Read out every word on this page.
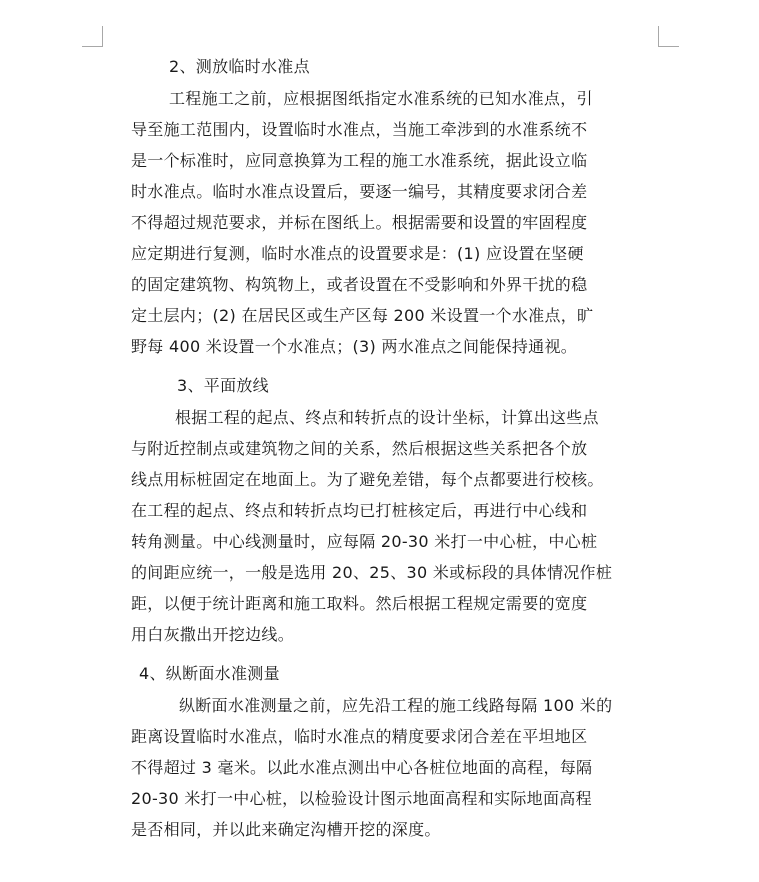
2、测放临时水准点
工程施工之前，应根据图纸指定水准系统的已知水准点，引
导至施工范围内，设置临时水准点，当施工牵涉到的水准系统不
是一个标准时，应同意换算为工程的施工水准系统，据此设立临
时水准点。临时水准点设置后，要逐一编号，其精度要求闭合差
不得超过规范要求，并标在图纸上。根据需要和设置的牢固程度
应定期进行复测，临时水准点的设置要求是：(1) 应设置在坚硬
的固定建筑物、构筑物上，或者设置在不受影响和外界干扰的稳
定土层内；(2) 在居民区或生产区每 200 米设置一个水准点，旷
野每 400 米设置一个水准点；(3) 两水准点之间能保持通视。
3、平面放线
根据工程的起点、终点和转折点的设计坐标，计算出这些点
与附近控制点或建筑物之间的关系，然后根据这些关系把各个放
线点用标桩固定在地面上。为了避免差错，每个点都要进行校核。
在工程的起点、终点和转折点均已打桩核定后，再进行中心线和
转角测量。中心线测量时，应每隔 20-30 米打一中心桩，中心桩
的间距应统一，一般是选用 20、25、30 米或标段的具体情况作桩
距，以便于统计距离和施工取料。然后根据工程规定需要的宽度
用白灰撒出开挖边线。
4、纵断面水准测量
纵断面水准测量之前，应先沿工程的施工线路每隔 100 米的
距离设置临时水准点，临时水准点的精度要求闭合差在平坦地区
不得超过 3 毫米。以此水准点测出中心各桩位地面的高程，每隔
20-30 米打一中心桩，以检验设计图示地面高程和实际地面高程
是否相同，并以此来确定沟槽开挖的深度。
